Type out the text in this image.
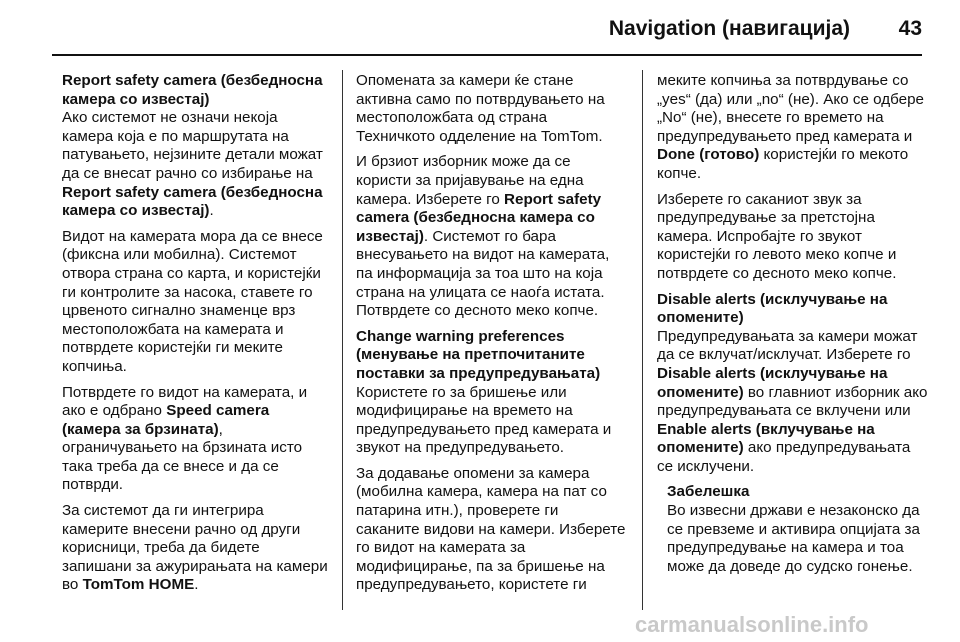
Navigation (навигација) 43

Report safety camera (безбедносна камера со известај)

Ако системот не означи некоја камера која е по маршрутата на патувањето, нејзините детали можат да се внесат рачно со избирање на Report safety camera (безбедносна камера со известај).

Видот на камерата мора да се внесе (фиксна или мобилна). Системот отвора страна со карта, и користејќи ги контролите за насока, ставете го црвеното сигнално знаменце врз местоположбата на камерата и потврдете користејќи ги меките копчиња.

Потврдете го видот на камерата, и ако е одбрано Speed camera (камера за брзината), ограничувањето на брзината исто така треба да се внесе и да се потврди.

За системот да ги интегрира камерите внесени рачно од други корисници, треба да бидете запишани за ажурирањата на камери во TomTom HOME.

Опомената за камери ќе стане активна само по потврдувањето на местоположбата од страна Техничкото одделение на TomTom.

И брзиот изборник може да се користи за пријавување на една камера. Изберете го Report safety camera (безбедносна камера со известај). Системот го бара внесувањето на видот на камерата, па информација за тоа што на која страна на улицата се наоѓа истата. Потврдете со десното меко копче.

Change warning preferences (менување на претпочитаните поставки за предупредувањата)

Користете го за бришење или модифицирање на времето на предупредувањето пред камерата и звукот на предупредувањето.

За додавање опомени за камера (мобилна камера, камера на пат со патарина итн.), проверете ги саканите видови на камери. Изберете го видот на камерата за модифицирање, па за бришење на предупредувањето, користете ги

меките копчиња за потврдување со „yes“ (да) или „no“ (не). Ако се одбере „No“ (не), внесете го времето на предупредувањето пред камерата и Done (готово) користејќи го мекото копче.

Изберете го саканиот звук за предупредување за претстојна камера. Испробајте го звукот користејќи го левото меко копче и потврдете со десното меко копче.

Disable alerts (исклучување на опомените)

Предупредувањата за камери можат да се вклучат/исклучат. Изберете го Disable alerts (исклучување на опомените) во главниот изборник ако предупредувањата се вклучени или Enable alerts (вклучување на опомените) ако предупредувањата се исклучени.

Забелешка
Во извесни држави е незаконско да се превземе и активира опцијата за предупредување на камера и тоа може да доведе до судско гонење.
carmanualsonline.info
